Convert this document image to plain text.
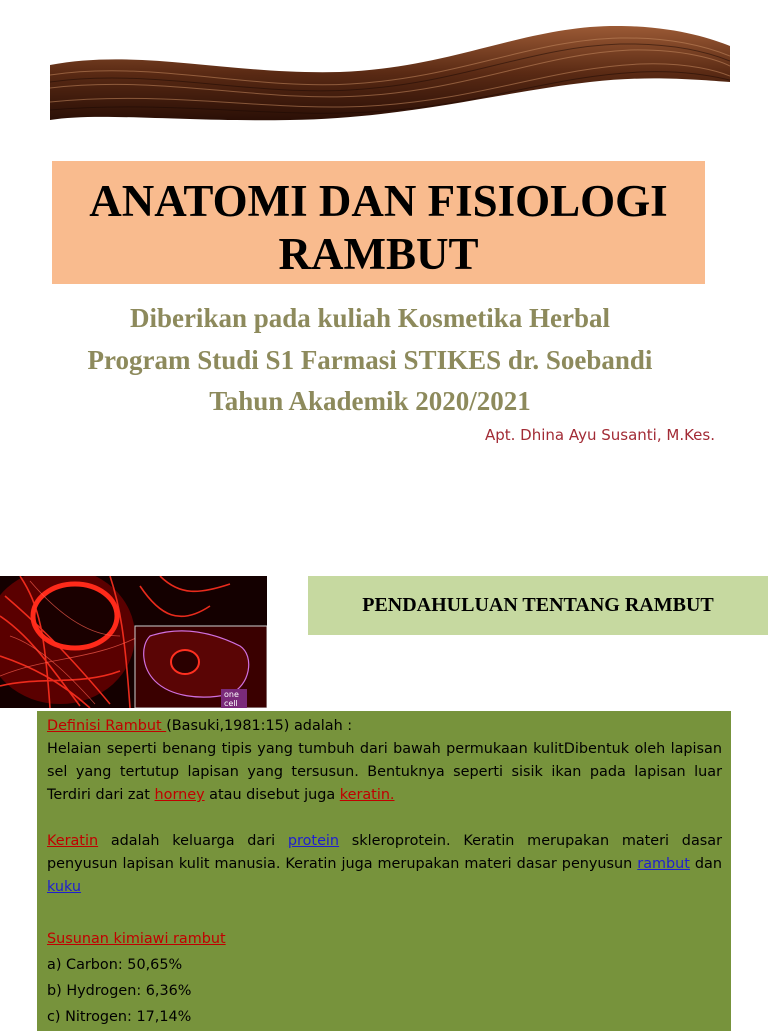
ANATOMI DAN FISIOLOGI
RAMBUT
Diberikan pada kuliah Kosmetika Herbal
Program Studi S1 Farmasi STIKES dr. Soebandi
Tahun Akademik 2020/2021
Apt. Dhina Ayu Susanti, M.Kes.
one
cell
PENDAHULUAN TENTANG RAMBUT

Definisi Rambut (Basuki,1981:15) adalah :

Helaian seperti benang tipis yang tumbuh dari bawah permukaan kulitDibentuk oleh lapisan sel yang tertutup lapisan yang tersusun. Bentuknya seperti sisik ikan pada lapisan luar Terdiri dari zat horney atau disebut juga keratin.

Keratin adalah keluarga dari protein skleroprotein. Keratin merupakan materi dasar penyusun lapisan kulit manusia. Keratin juga merupakan materi dasar penyusun rambut dan kuku

Susunan kimiawi rambut

a) Carbon: 50,65%

b) Hydrogen: 6,36%

c) Nitrogen: 17,14%
